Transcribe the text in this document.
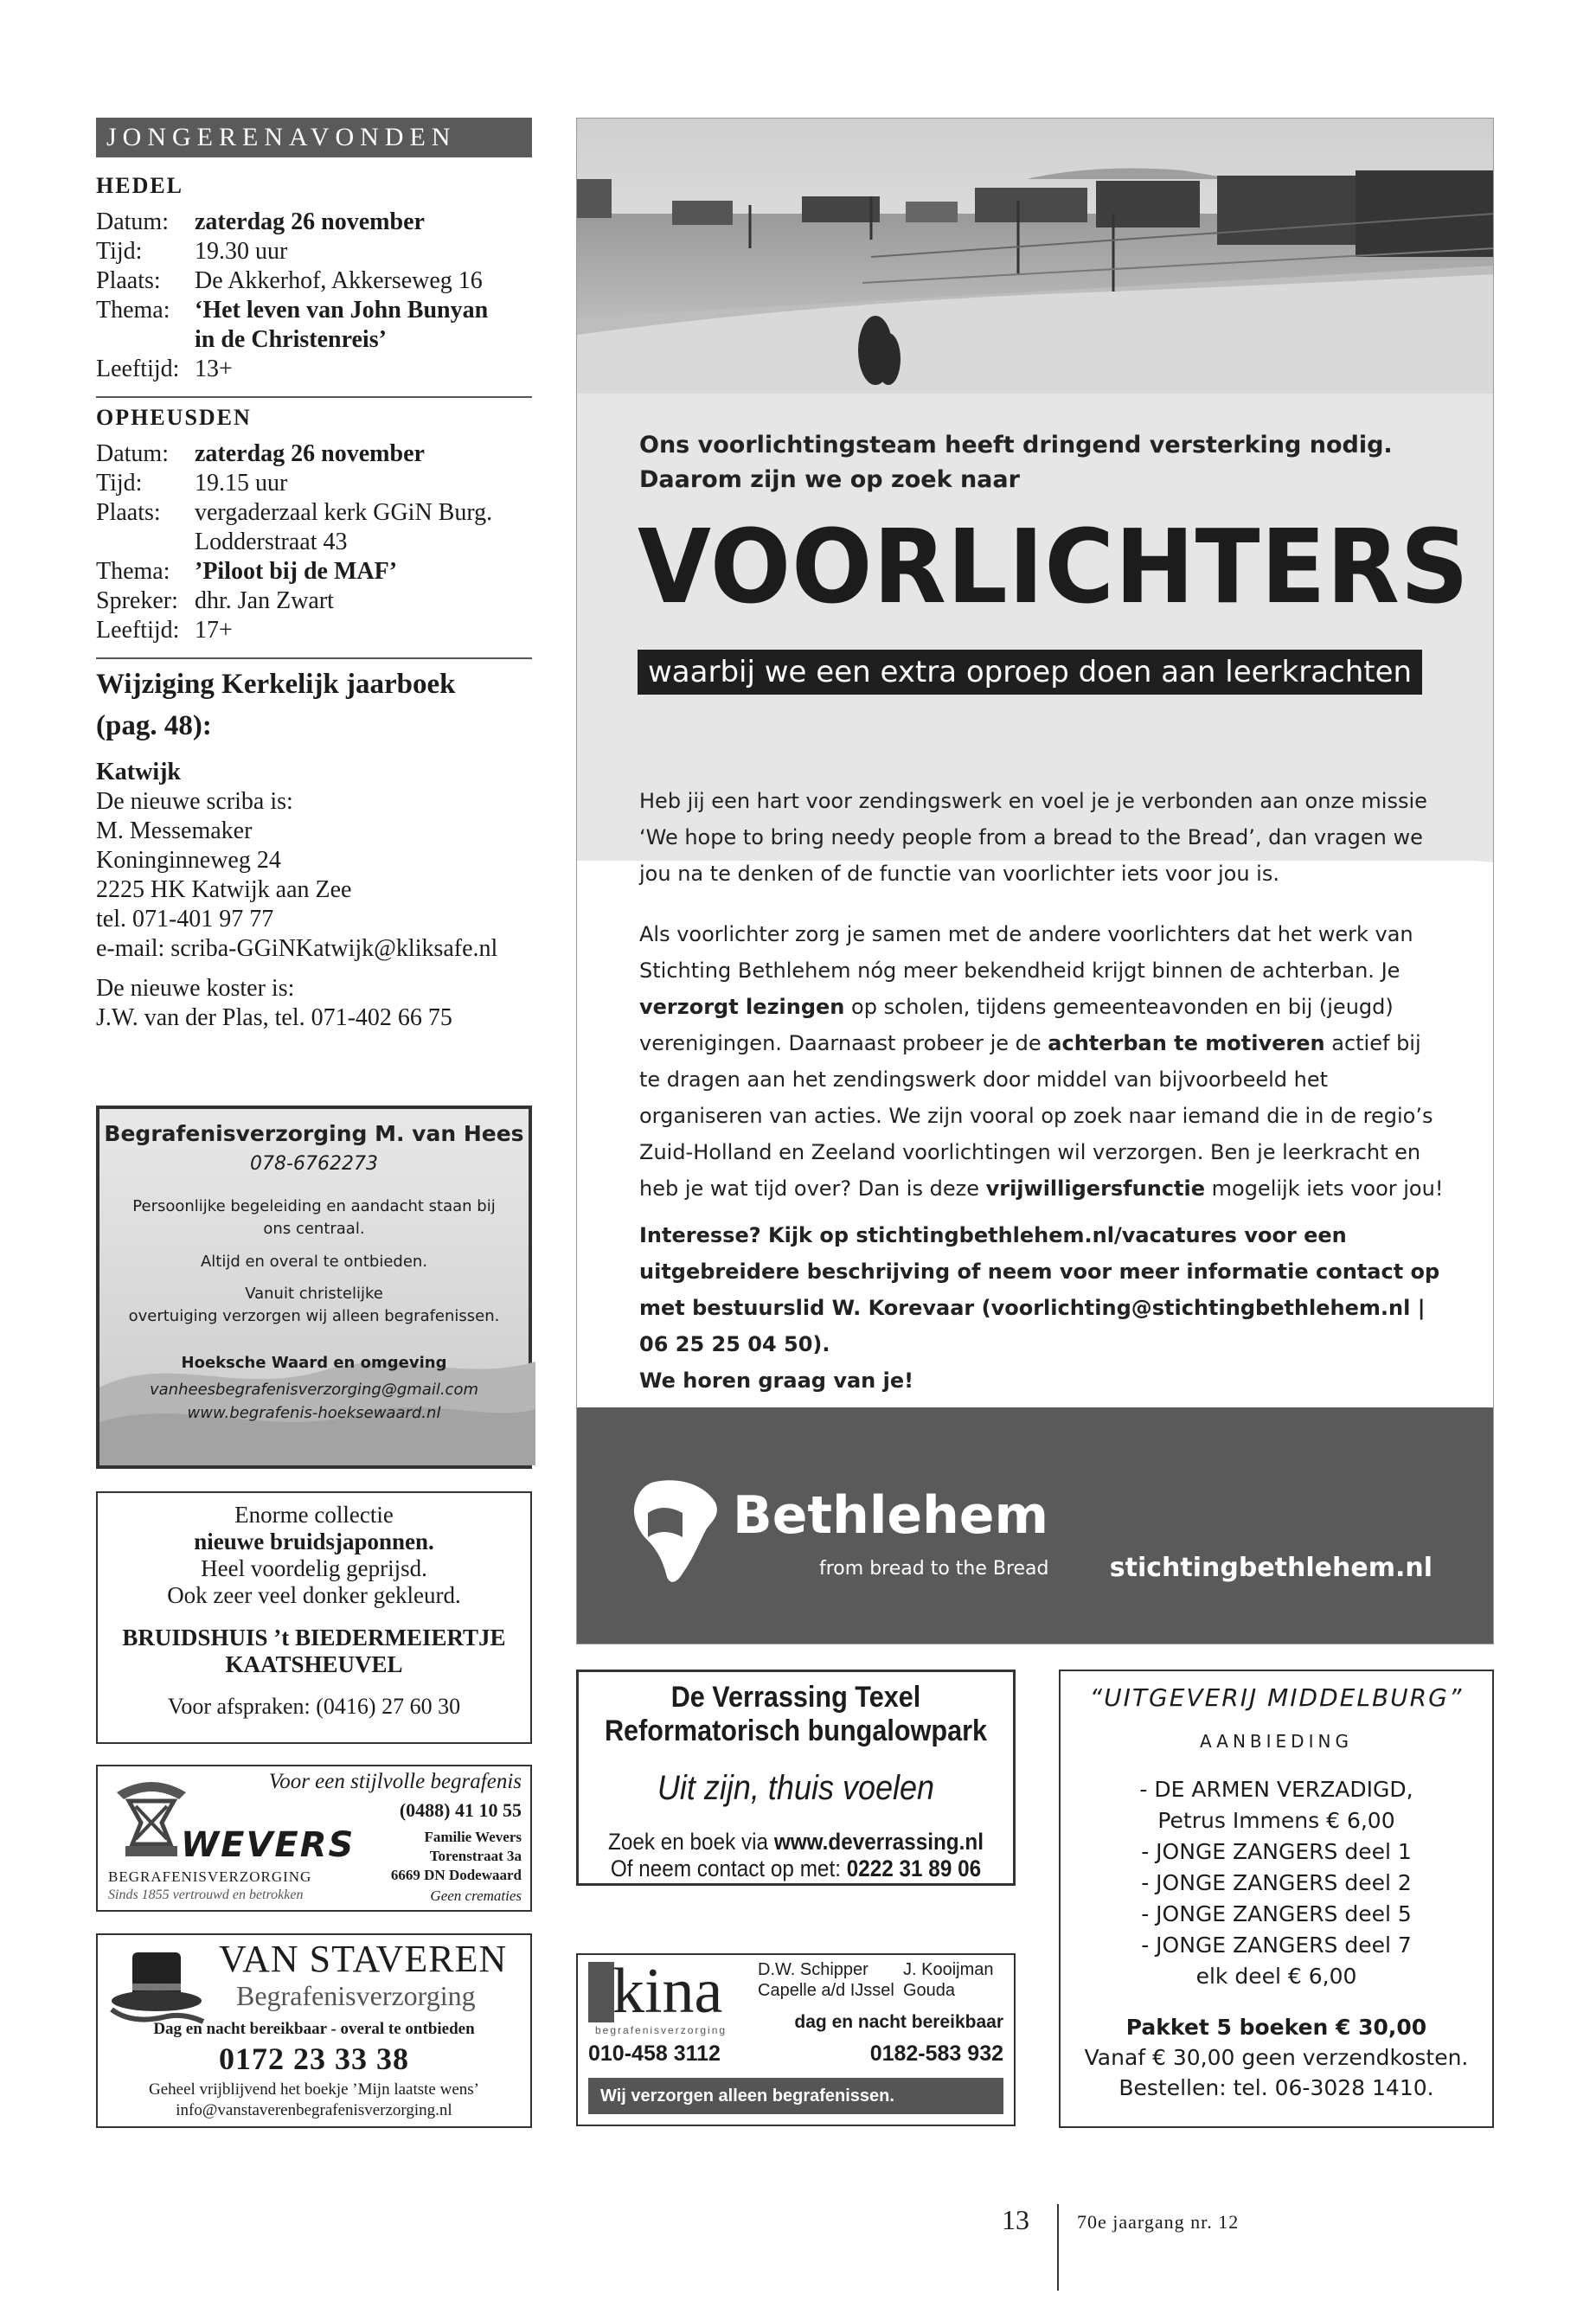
JONGERENAVONDEN
HEDEL
Datum:	zaterdag 26 november
Tijd:	19.30 uur
Plaats:	De Akkerhof, Akkerseweg 16
Thema:	‘Het leven van John Bunyan
	in de Christenreis’
Leeftijd:	13+
OPHEUSDEN
Datum:	zaterdag 26 november
Tijd:	19.15 uur
Plaats:	vergaderzaal kerk GGiN Burg.
	Lodderstraat 43
Thema:	’Piloot bij de MAF’
Spreker:	dhr. Jan Zwart
Leeftijd:	17+
Wijziging Kerkelijk jaarboek
(pag. 48):
Katwijk
De nieuwe scriba is:
M. Messemaker
Koninginneweg 24
2225 HK Katwijk aan Zee
tel. 071-401 97 77
e-mail: scriba-GGiNKatwijk@kliksafe.nl
De nieuwe koster is:
J.W. van der Plas, tel. 071-402 66 75
Begrafenisverzorging M. van Hees
078-6762273
Persoonlijke begeleiding en aandacht staan bij
ons centraal.
Altijd en overal te ontbieden.
Vanuit christelijke
overtuiging verzorgen wij alleen begrafenissen.
Hoeksche Waard en omgeving
vanheesbegrafenisverzorging@gmail.com
www.begrafenis-hoeksewaard.nl
Enorme collectie
nieuwe bruidsjaponnen.
Heel voordelig geprijsd.
Ook zeer veel donker gekleurd.
BRUIDSHUIS ’t BIEDERMEIERTJE
KAATSHEUVEL
Voor afspraken: (0416) 27 60 30
Voor een stijlvolle begrafenis
(0488) 41 10 55
WEVERS	Familie Wevers
Torenstraat 3a
6669 DN Dodewaard
BEGRAFENISVERZORGING
Sinds 1855 vertrouwd en betrokken	Geen crematies
VAN STAVEREN
Begrafenisverzorging
Dag en nacht bereikbaar - overal te ontbieden
0172 23 33 38
Geheel vrijblijvend het boekje ’Mijn laatste wens’
info@vanstaverenbegrafenisverzorging.nl
Ons voorlichtingsteam heeft dringend versterking nodig.
Daarom zijn we op zoek naar
VOORLICHTERS
waarbij we een extra oproep doen aan leerkrachten
Heb jij een hart voor zendingswerk en voel je je verbonden aan onze missie ‘We hope to bring needy people from a bread to the Bread’, dan vragen we jou na te denken of de functie van voorlichter iets voor jou is.
Als voorlichter zorg je samen met de andere voorlichters dat het werk van Stichting Bethlehem nóg meer bekendheid krijgt binnen de achterban. Je verzorgt lezingen op scholen, tijdens gemeenteavonden en bij (jeugd) verenigingen. Daarnaast probeer je de achterban te motiveren actief bij te dragen aan het zendingswerk door middel van bijvoorbeeld het organiseren van acties. We zijn vooral op zoek naar iemand die in de regio’s Zuid-Holland en Zeeland voorlichtingen wil verzorgen. Ben je leerkracht en heb je wat tijd over? Dan is deze vrijwilligersfunctie mogelijk iets voor jou!
Interesse? Kijk op stichtingbethlehem.nl/vacatures voor een uitgebreidere beschrijving of neem voor meer informatie contact op met bestuurslid W. Korevaar (voorlichting@stichtingbethlehem.nl | 06 25 25 04 50).
We horen graag van je!
Bethlehem
from bread to the Bread stichtingbethlehem.nl
De Verrassing Texel
Reformatorisch bungalowpark
Uit zijn, thuis voelen
Zoek en boek via www.deverrassing.nl
Of neem contact op met: 0222 31 89 06
kina
begrafenisverzorging
D.W. Schipper
Capelle a/d IJssel
J. Kooijman
Gouda
dag en nacht bereikbaar
010-458 3112	0182-583 932
Wij verzorgen alleen begrafenissen.
“UITGEVERIJ MIDDELBURG”
AANBIEDING
- DE ARMEN VERZADIGD,
Petrus Immens € 6,00
- JONGE ZANGERS deel 1
- JONGE ZANGERS deel 2
- JONGE ZANGERS deel 5
- JONGE ZANGERS deel 7
elk deel € 6,00
Pakket 5 boeken € 30,00
Vanaf € 30,00 geen verzendkosten.
Bestellen: tel. 06-3028 1410.
13	70e jaargang nr. 12
